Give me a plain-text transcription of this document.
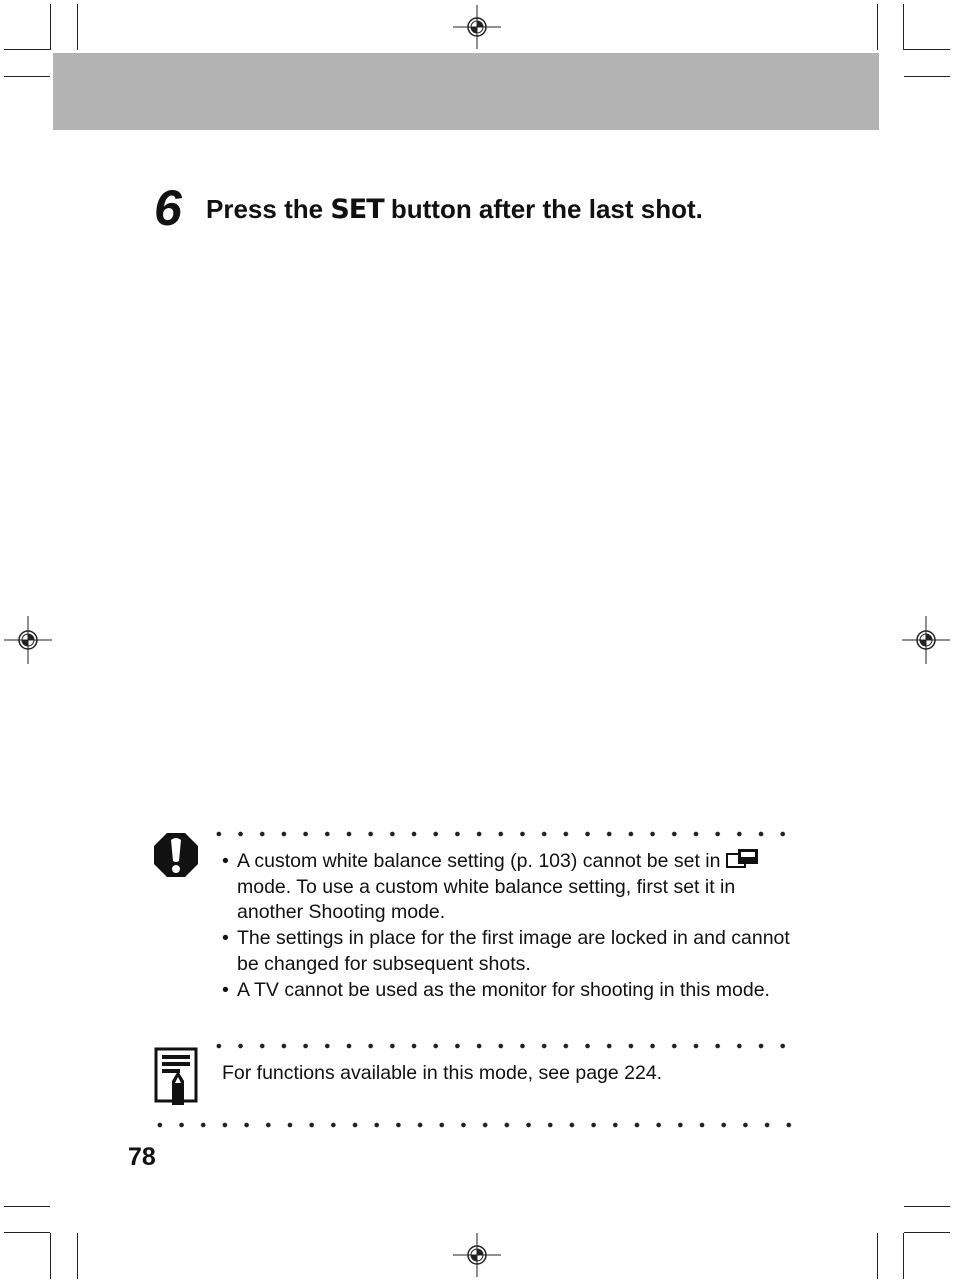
6 Press the SET button after the last shot.
• A custom white balance setting (p. 103) cannot be set in  mode. To use a custom white balance setting, first set it in another Shooting mode.
• The settings in place for the first image are locked in and cannot be changed for subsequent shots.
• A TV cannot be used as the monitor for shooting in this mode.
For functions available in this mode, see page 224.
78
